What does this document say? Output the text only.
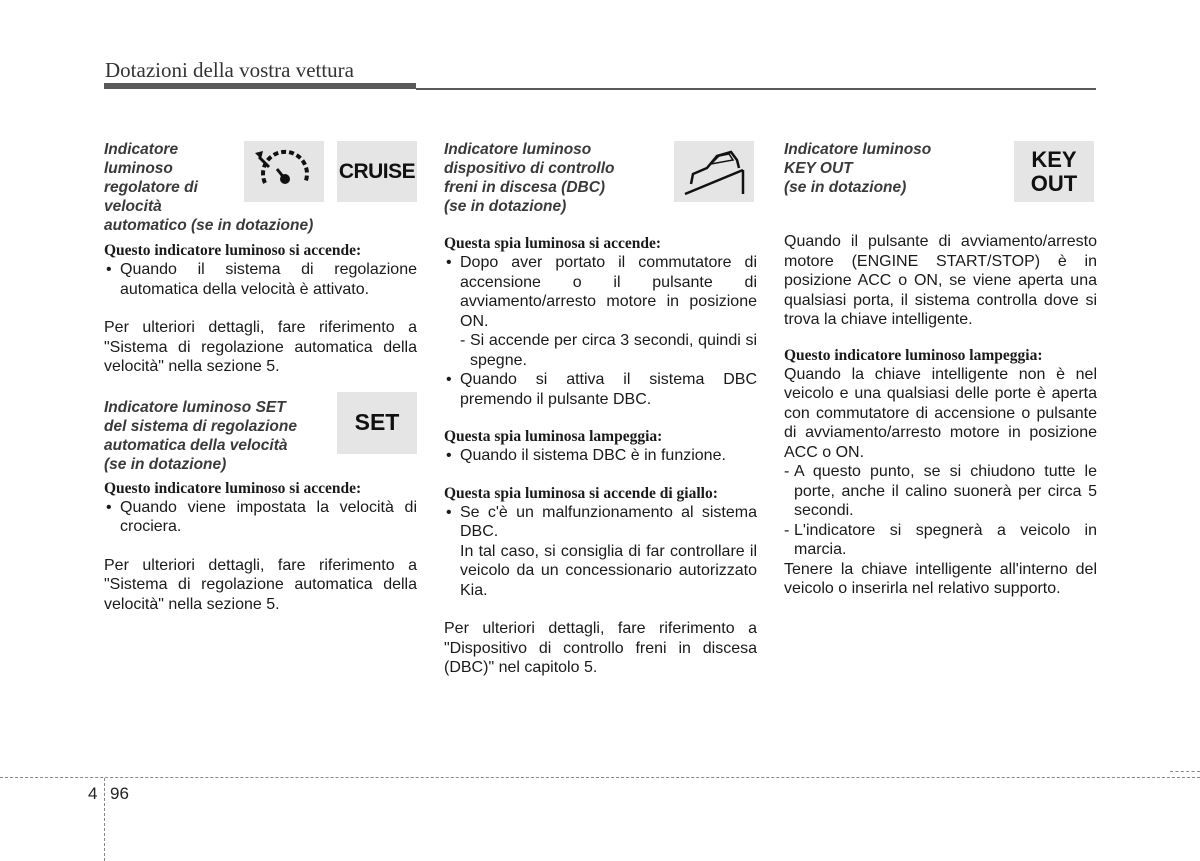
Dotazioni della vostra vettura

Indicatore
luminoso
regolatore di
velocità
automatico (se in dotazione)

CRUISE

Questo indicatore luminoso si accende:

• Quando il sistema di regolazione automatica della velocità è attivato.

Per ulteriori dettagli, fare riferimento a "Sistema di regolazione automatica della velocità" nella sezione 5.

Indicatore luminoso SET
del sistema di regolazione
automatica della velocità
(se in dotazione)

SET

Questo indicatore luminoso si accende:

• Quando viene impostata la velocità di crociera.

Per ulteriori dettagli, fare riferimento a "Sistema di regolazione automatica della velocità" nella sezione 5.

Indicatore luminoso
dispositivo di controllo
freni in discesa (DBC)
(se in dotazione)

Questa spia luminosa si accende:

• Dopo aver portato il commutatore di accensione o il pulsante di avviamento/arresto motore in posizione ON.

- Si accende per circa 3 secondi, quindi si spegne.

• Quando si attiva il sistema DBC premendo il pulsante DBC.

Questa spia luminosa lampeggia:

• Quando il sistema DBC è in funzione.

Questa spia luminosa si accende di giallo:

• Se c'è un malfunzionamento al sistema DBC.

In tal caso, si consiglia di far controllare il veicolo da un concessionario autorizzato Kia.

Per ulteriori dettagli, fare riferimento a "Dispositivo di controllo freni in discesa (DBC)" nel capitolo 5.

Indicatore luminoso
KEY OUT
(se in dotazione)

KEY
OUT

Quando il pulsante di avviamento/arresto motore (ENGINE START/STOP) è in posizione ACC o ON, se viene aperta una qualsiasi porta, il sistema controlla dove si trova la chiave intelligente.

Questo indicatore luminoso lampeggia:

Quando la chiave intelligente non è nel veicolo e una qualsiasi delle porte è aperta con commutatore di accensione o pulsante di avviamento/arresto motore in posizione ACC o ON.

- A questo punto, se si chiudono tutte le porte, anche il calino suonerà per circa 5 secondi.

- L'indicatore si spegnerà a veicolo in marcia.

Tenere la chiave intelligente all'interno del veicolo o inserirla nel relativo supporto.

4 96
